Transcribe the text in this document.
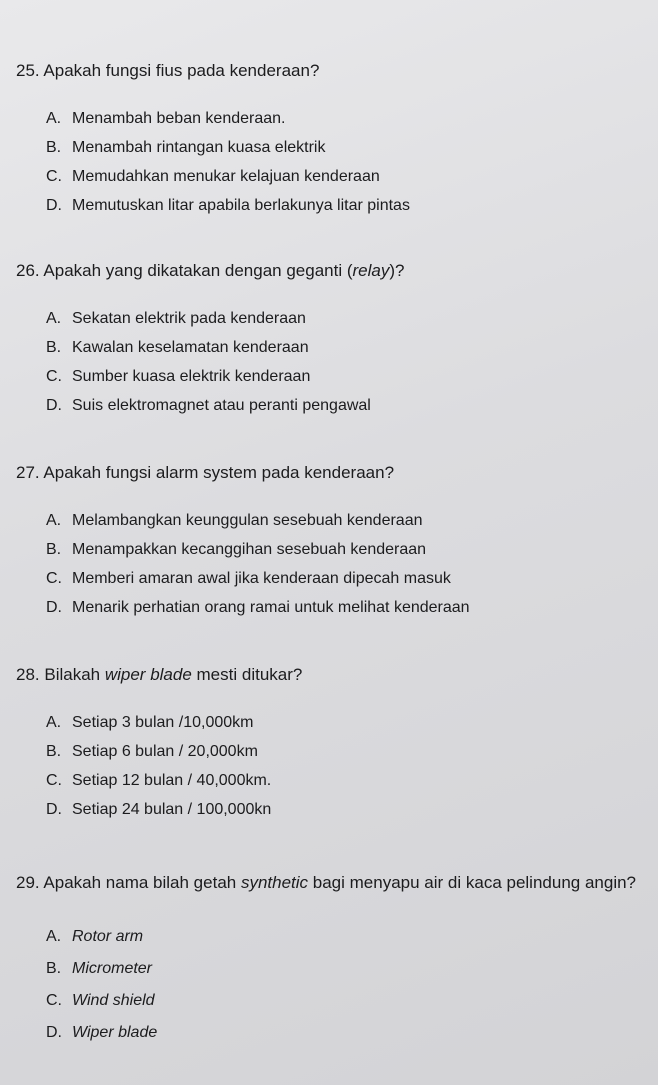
25. Apakah fungsi fius pada kenderaan?
A. Menambah beban kenderaan.
B. Menambah rintangan kuasa elektrik
C. Memudahkan menukar kelajuan kenderaan
D. Memutuskan litar apabila berlakunya litar pintas
26. Apakah yang dikatakan dengan geganti (relay)?
A. Sekatan elektrik pada kenderaan
B. Kawalan keselamatan kenderaan
C. Sumber kuasa elektrik kenderaan
D. Suis elektromagnet atau peranti pengawal
27. Apakah fungsi alarm system pada kenderaan?
A. Melambangkan keunggulan sesebuah kenderaan
B. Menampakkan kecanggihan sesebuah kenderaan
C. Memberi amaran awal jika kenderaan dipecah masuk
D. Menarik perhatian orang ramai untuk melihat kenderaan
28. Bilakah wiper blade mesti ditukar?
A. Setiap 3 bulan /10,000km
B. Setiap 6 bulan / 20,000km
C. Setiap 12 bulan / 40,000km.
D. Setiap 24 bulan / 100,000kn
29. Apakah nama bilah getah synthetic bagi menyapu air di kaca pelindung angin?
A. Rotor arm
B. Micrometer
C. Wind shield
D. Wiper blade
